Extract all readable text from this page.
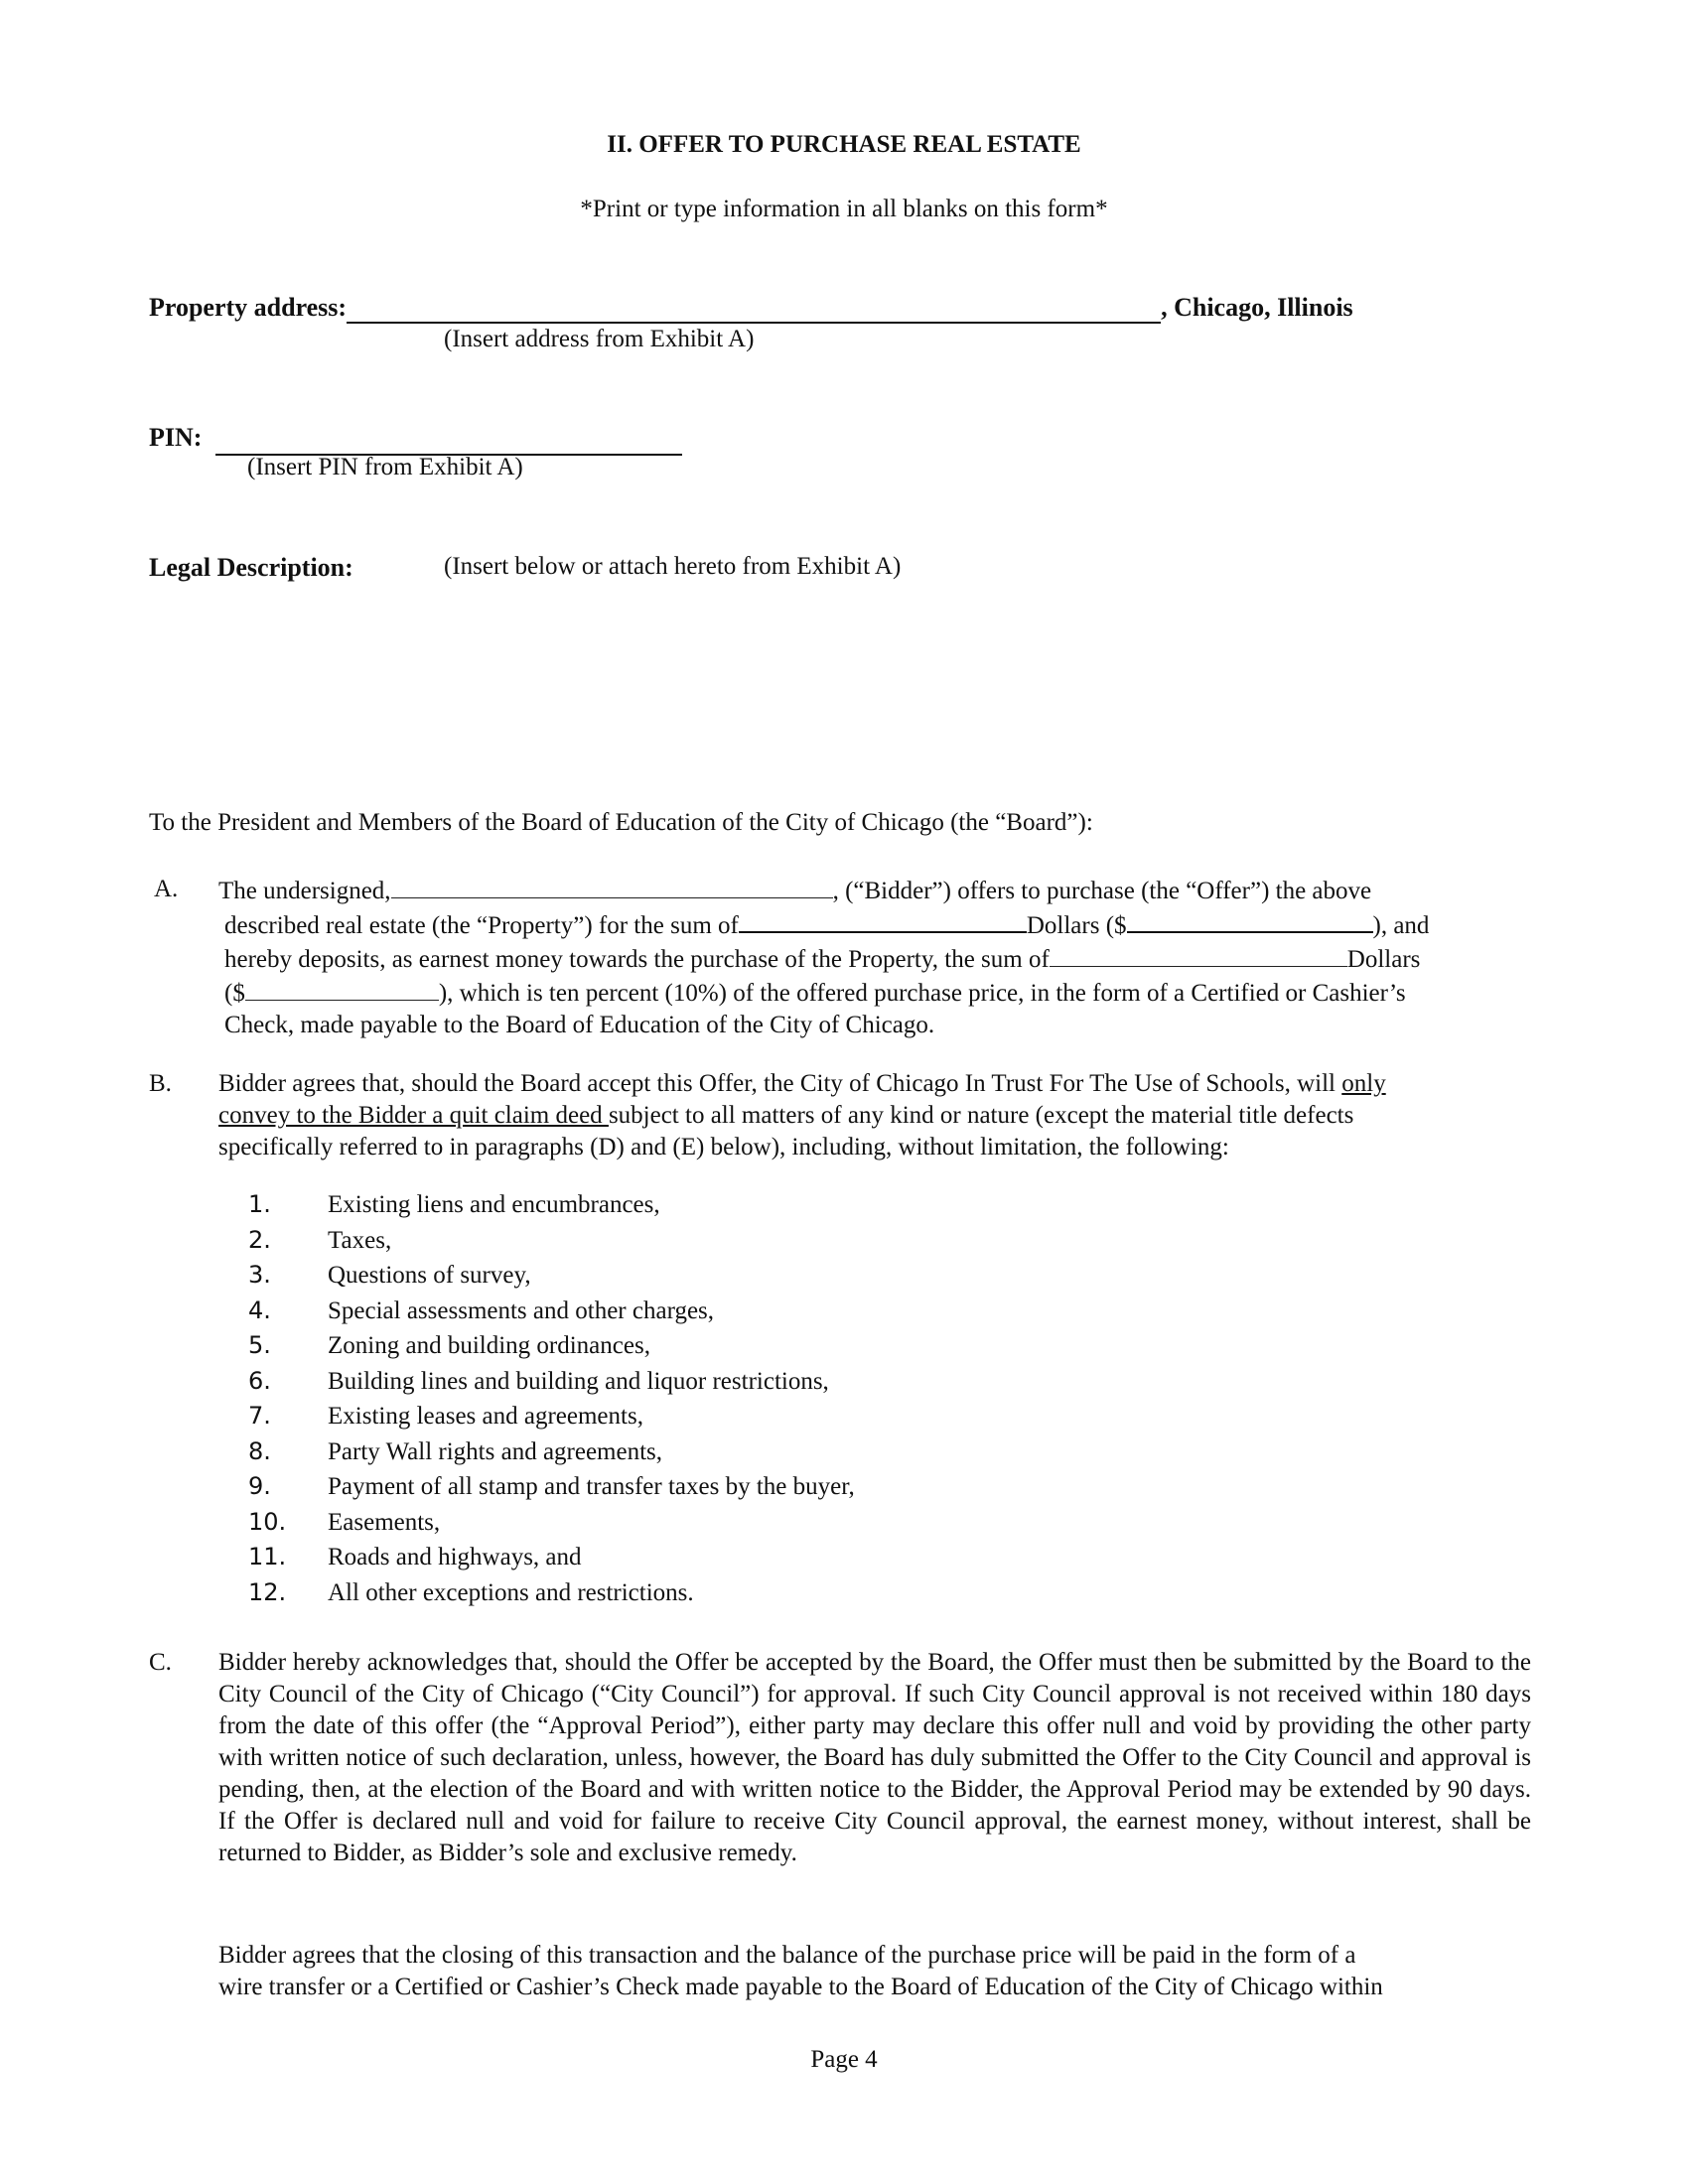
II. OFFER TO PURCHASE REAL ESTATE
*Print or type information in all blanks on this form*
Property address:	, Chicago, Illinois
(Insert address from Exhibit A)
PIN:
(Insert PIN from Exhibit A)
Legal Description:	(Insert below or attach hereto from Exhibit A)
To the President and Members of the Board of Education of the City of Chicago (the “Board”):
A. The undersigned,	, (“Bidder”) offers to purchase (the “Offer”) the above
described real estate (the “Property”) for the sum of	Dollars ($	), and
hereby deposits, as earnest money towards the purchase of the Property, the sum of	Dollars
($	), which is ten percent (10%) of the offered purchase price, in the form of a Certified or Cashier’s
Check, made payable to the Board of Education of the City of Chicago.
B. Bidder agrees that, should the Board accept this Offer, the City of Chicago In Trust For The Use of Schools, will only
convey to the Bidder a quit claim deed subject to all matters of any kind or nature (except the material title defects
specifically referred to in paragraphs (D) and (E) below), including, without limitation, the following:
1. Existing liens and encumbrances,
2. Taxes,
3. Questions of survey,
4. Special assessments and other charges,
5. Zoning and building ordinances,
6. Building lines and building and liquor restrictions,
7. Existing leases and agreements,
8. Party Wall rights and agreements,
9. Payment of all stamp and transfer taxes by the buyer,
10. Easements,
11. Roads and highways, and
12. All other exceptions and restrictions.
C. Bidder hereby acknowledges that, should the Offer be accepted by the Board, the Offer must then be submitted by the Board to the City Council of the City of Chicago (“City Council”) for approval. If such City Council approval is not received within 180 days from the date of this offer (the “Approval Period”), either party may declare this offer null and void by providing the other party with written notice of such declaration, unless, however, the Board has duly submitted the Offer to the City Council and approval is pending, then, at the election of the Board and with written notice to the Bidder, the Approval Period may be extended by 90 days. If the Offer is declared null and void for failure to receive City Council approval, the earnest money, without interest, shall be returned to Bidder, as Bidder’s sole and exclusive remedy.
Bidder agrees that the closing of this transaction and the balance of the purchase price will be paid in the form of a
wire transfer or a Certified or Cashier’s Check made payable to the Board of Education of the City of Chicago within
Page 4
